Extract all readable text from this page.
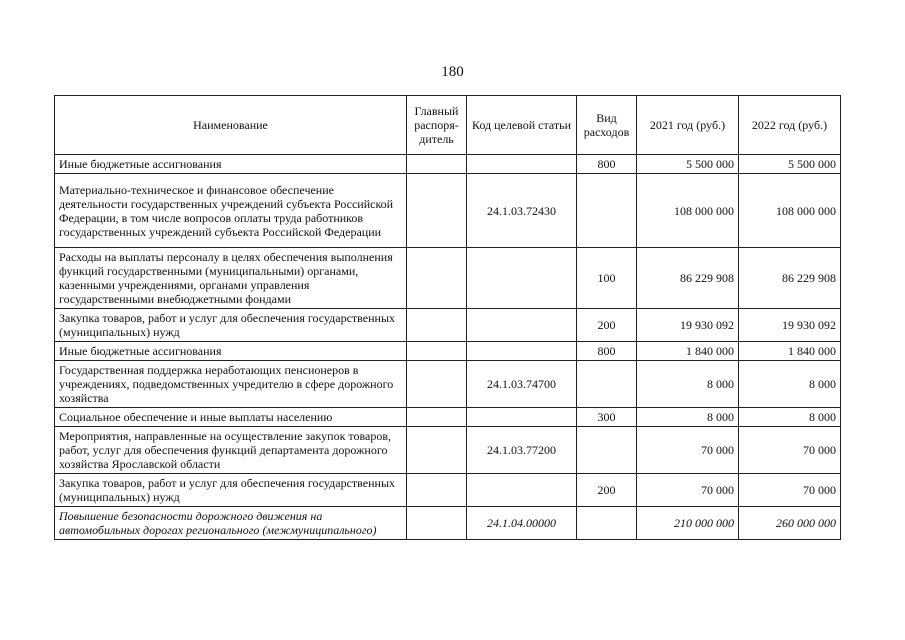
180
Наименование	Главный распоря-дитель	Код целевой статьи	Вид расходов	2021 год (руб.)	2022 год (руб.)
Иные бюджетные ассигнования			800	5 500 000	5 500 000
Материально-техническое и финансовое обеспечение деятельности государственных учреждений субъекта Российской Федерации, в том числе вопросов оплаты труда работников государственных учреждений субъекта Российской Федерации		24.1.03.72430		108 000 000	108 000 000
Расходы на выплаты персоналу в целях обеспечения выполнения функций государственными (муниципальными) органами, казенными учреждениями, органами управления государственными внебюджетными фондами			100	86 229 908	86 229 908
Закупка товаров, работ и услуг для обеспечения государственных (муниципальных) нужд			200	19 930 092	19 930 092
Иные бюджетные ассигнования			800	1 840 000	1 840 000
Государственная поддержка неработающих пенсионеров в учреждениях, подведомственных учредителю в сфере дорожного хозяйства		24.1.03.74700		8 000	8 000
Социальное обеспечение и иные выплаты населению			300	8 000	8 000
Мероприятия, направленные на осуществление закупок товаров, работ, услуг для обеспечения функций департамента дорожного хозяйства Ярославской области		24.1.03.77200		70 000	70 000
Закупка товаров, работ и услуг для обеспечения государственных (муниципальных) нужд			200	70 000	70 000
Повышение безопасности дорожного движения на автомобильных дорогах регионального (межмуниципального)		24.1.04.00000		210 000 000	260 000 000
